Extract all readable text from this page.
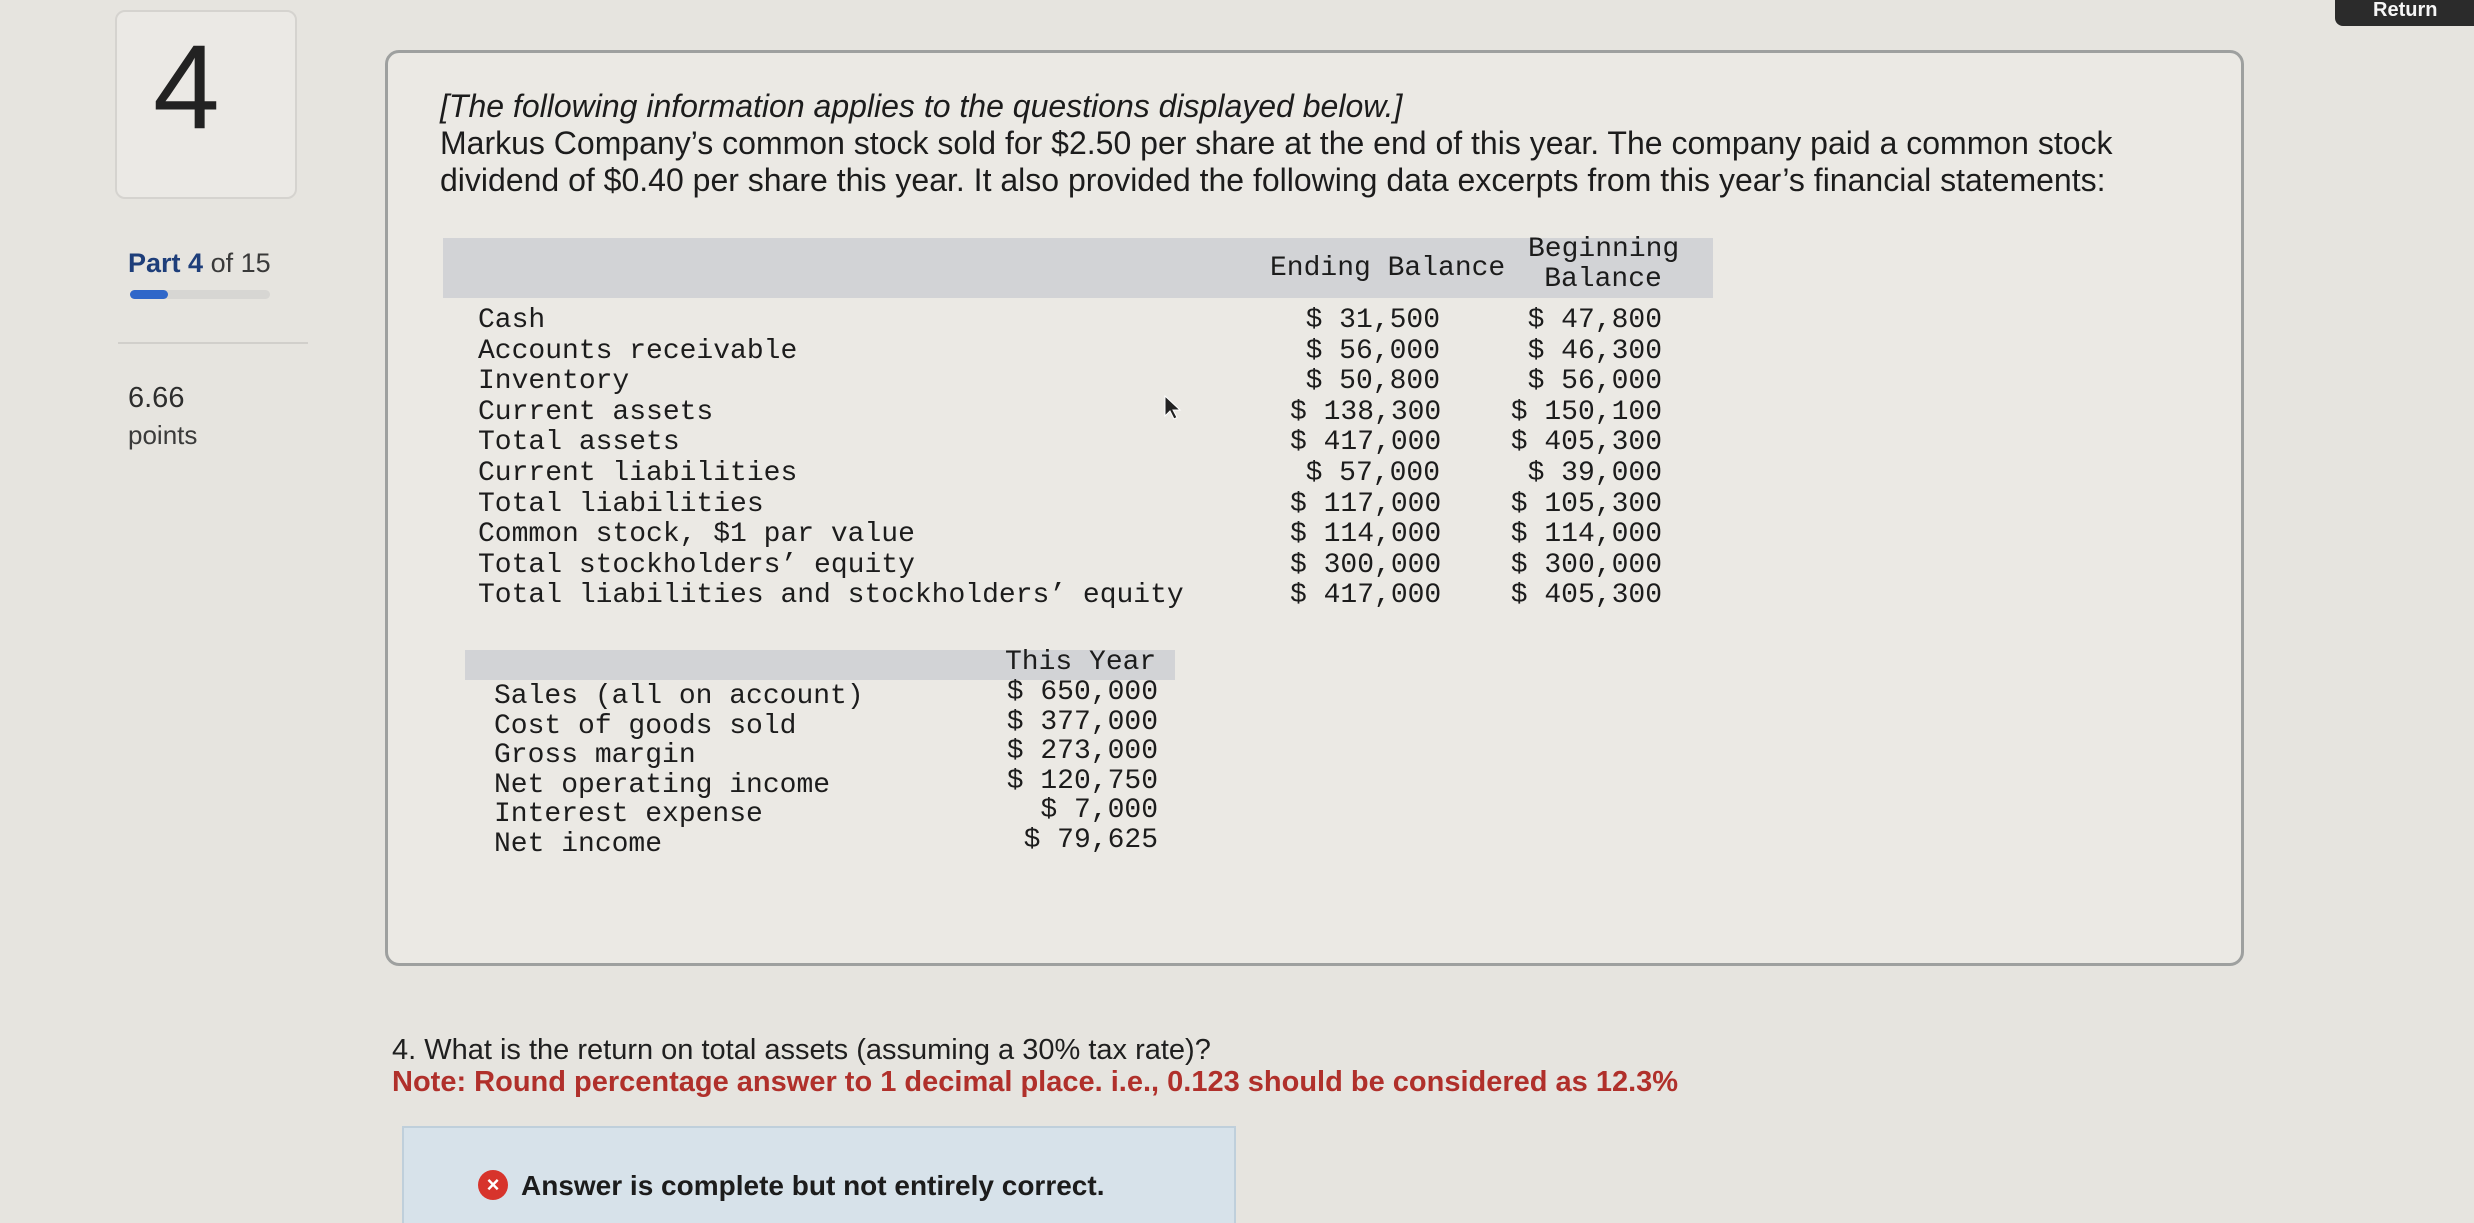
4
Part 4 of 15
6.66
points
Return
[The following information applies to the questions displayed below.]
Markus Company’s common stock sold for $2.50 per share at the end of this year. The company paid a common stock dividend of $0.40 per share this year. It also provided the following data excerpts from this year’s financial statements:
Ending Balance
Beginning
Balance
Cash
Accounts receivable
Inventory
Current assets
Total assets
Current liabilities
Total liabilities
Common stock, $1 par value
Total stockholders’ equity
Total liabilities and stockholders’ equity
$ 31,500
$ 56,000
$ 50,800
$ 138,300
$ 417,000
$ 57,000
$ 117,000
$ 114,000
$ 300,000
$ 417,000
$ 47,800
$ 46,300
$ 56,000
$ 150,100
$ 405,300
$ 39,000
$ 105,300
$ 114,000
$ 300,000
$ 405,300
This Year
Sales (all on account)
Cost of goods sold
Gross margin
Net operating income
Interest expense
Net income
$ 650,000
$ 377,000
$ 273,000
$ 120,750
$ 7,000
$ 79,625
4. What is the return on total assets (assuming a 30% tax rate)?
Note: Round percentage answer to 1 decimal place. i.e., 0.123 should be considered as 12.3%
× Answer is complete but not entirely correct.
